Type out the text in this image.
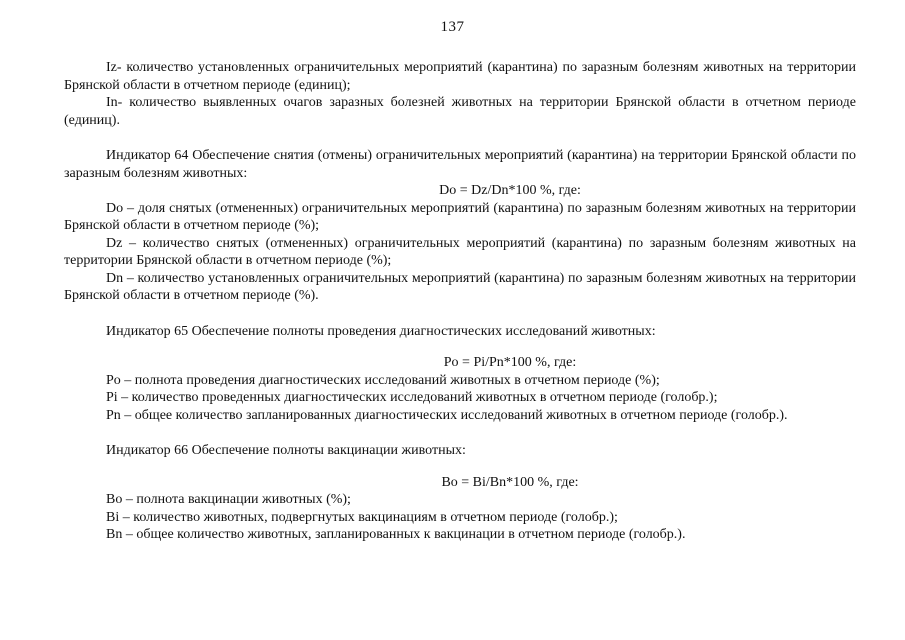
137

Iz- количество установленных ограничительных мероприятий (карантина) по заразным болезням животных на территории Брянской области в отчетном периоде (единиц);

In- количество выявленных очагов заразных болезней животных на территории Брянской области в отчетном периоде (единиц).

Индикатор 64 Обеспечение снятия (отмены) ограничительных мероприятий (карантина) на территории Брянской области по заразным болезням животных:

Do = Dz/Dn*100 %, где:

Do – доля снятых (отмененных) ограничительных мероприятий (карантина) по заразным болезням животных на территории Брянской области в отчетном периоде (%);

Dz – количество снятых (отмененных) ограничительных мероприятий (карантина) по заразным болезням животных на территории Брянской области в отчетном периоде (%);

Dn – количество установленных ограничительных мероприятий (карантина) по заразным болезням животных на территории Брянской области в отчетном периоде (%).

Индикатор 65 Обеспечение полноты проведения диагностических исследований животных:

Po = Pi/Pn*100 %, где:

Po – полнота проведения диагностических исследований животных в отчетном периоде (%);

Pi – количество проведенных диагностических исследований животных в отчетном периоде (голобр.);

Pn – общее количество запланированных диагностических исследований животных в отчетном периоде (голобр.).

Индикатор 66 Обеспечение полноты вакцинации животных:

Bo = Bi/Bn*100 %, где:

Bo – полнота вакцинации животных (%);

Bi – количество животных, подвергнутых вакцинациям в отчетном периоде (голобр.);

Bn – общее количество животных, запланированных к вакцинации в отчетном периоде (голобр.).
